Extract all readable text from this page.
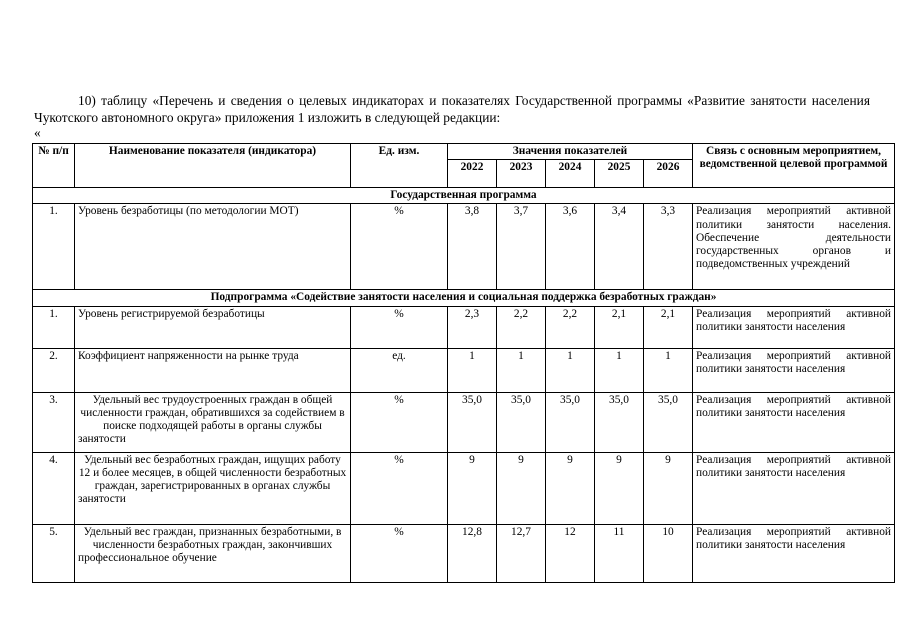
10) таблицу «Перечень и сведения о целевых индикаторах и показателях Государственной программы «Развитие занятости населения Чукотского автономного округа» приложения 1 изложить в следующей редакции:

«
№ п/п	Наименование показателя (индикатора)	Ед. изм.	Значения показателей					Связь с основным мероприятием, ведомственной целевой программой
			2022	2023	2024	2025	2026	
Государственная программа								
1.	Уровень безработицы (по методологии МОТ)	%	3,8	3,7	3,6	3,4	3,3	Реализация мероприятий активной политики занятости населения. Обеспечение деятельности государственных органов и подведомственных учреждений
Подпрограмма «Содействие занятости населения и социальная поддержка безработных граждан»								
1.	Уровень регистрируемой безработицы	%	2,3	2,2	2,2	2,1	2,1	Реализация мероприятий активной политики занятости населения
2.	Коэффициент напряженности на рынке труда	ед.	1	1	1	1	1	Реализация мероприятий активной политики занятости населения
3.	Удельный вес трудоустроенных граждан в общей численности граждан, обратившихся за содействием в поиске подходящей работы в органы службы занятости	%	35,0	35,0	35,0	35,0	35,0	Реализация мероприятий активной политики занятости населения
4.	Удельный вес безработных граждан, ищущих работу 12 и более месяцев, в общей численности безработных граждан, зарегистрированных в органах службы занятости	%	9	9	9	9	9	Реализация мероприятий активной политики занятости населения
5.	Удельный вес граждан, признанных безработными, в численности безработных граждан, закончивших профессиональное обучение	%	12,8	12,7	12	11	10	Реализация мероприятий активной политики занятости населения
